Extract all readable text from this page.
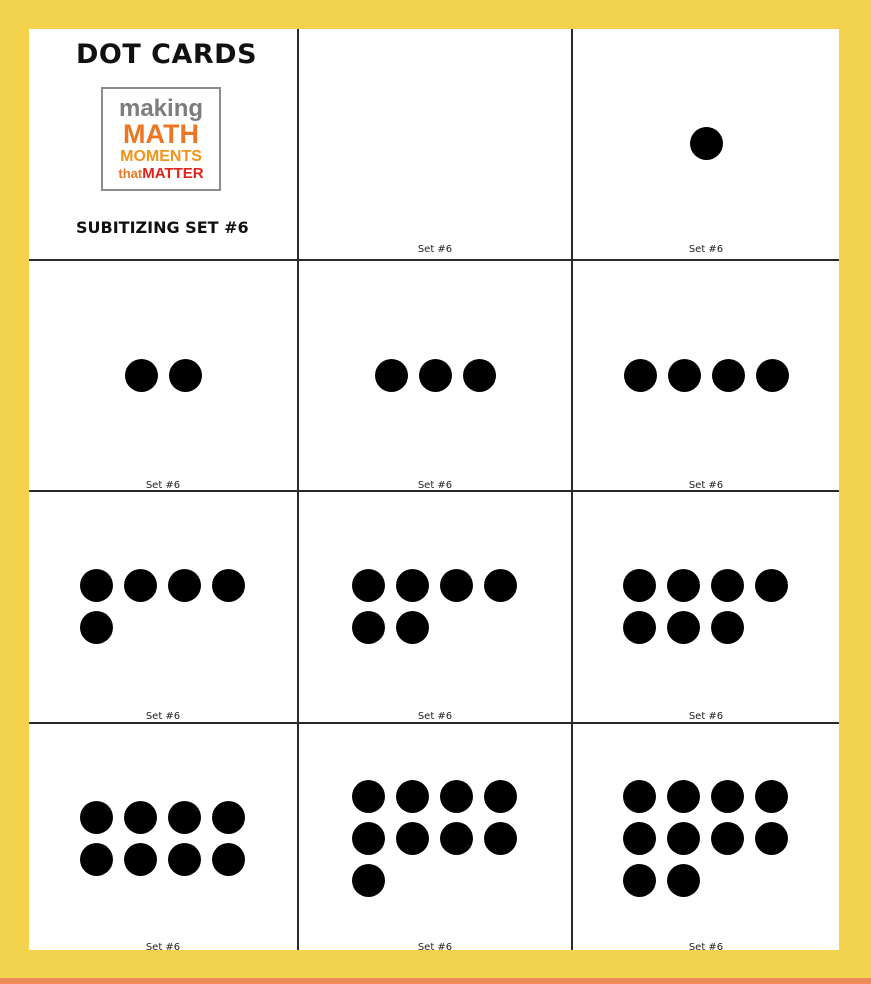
DOT CARDS
making
MATH
MOMENTS
thatMATTER
SUBITIZING SET #6
Set #6	Set #6
Set #6	Set #6	Set #6
Set #6	Set #6	Set #6
Set #6	Set #6	Set #6
